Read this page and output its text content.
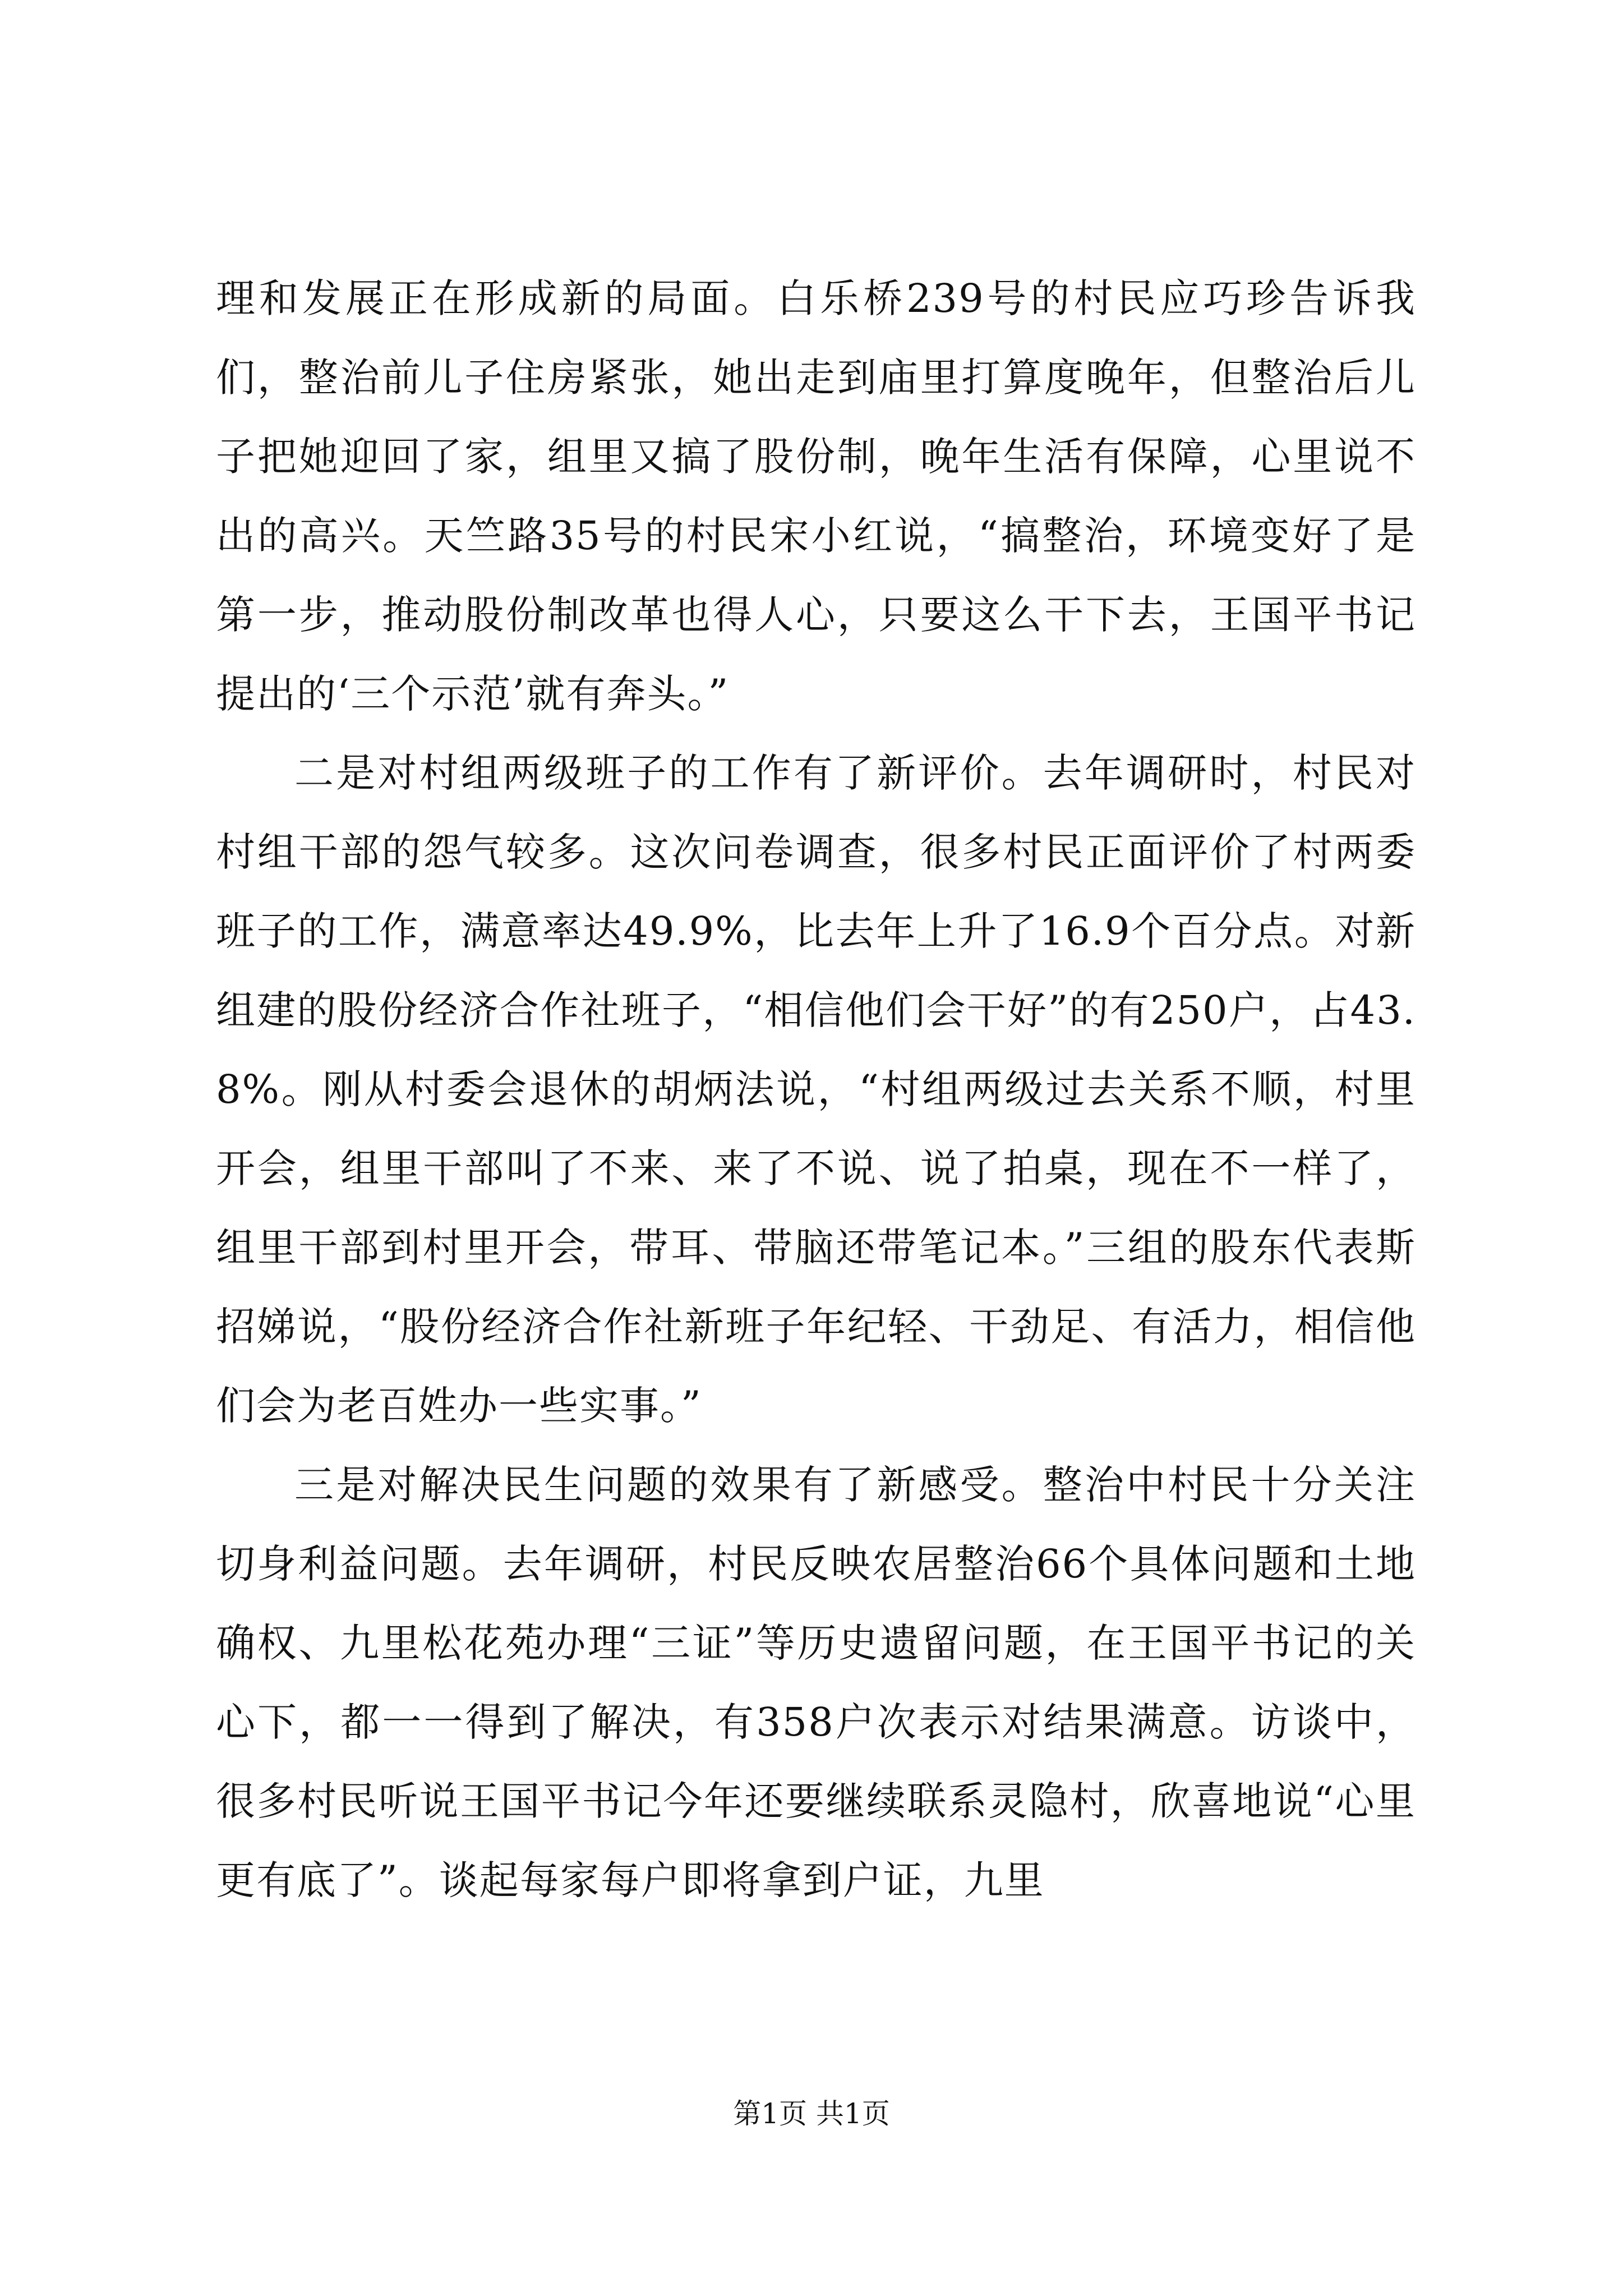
理和发展正在形成新的局面。白乐桥239号的村民应巧珍告诉我们，整治前儿子住房紧张，她出走到庙里打算度晚年，但整治后儿子把她迎回了家，组里又搞了股份制，晚年生活有保障，心里说不出的高兴。天竺路35号的村民宋小红说，“搞整治，环境变好了是第一步，推动股份制改革也得人心，只要这么干下去，王国平书记提出的‘三个示范’就有奔头。”

二是对村组两级班子的工作有了新评价。去年调研时，村民对村组干部的怨气较多。这次问卷调查，很多村民正面评价了村两委班子的工作，满意率达49.9%，比去年上升了16.9个百分点。对新组建的股份经济合作社班子，“相信他们会干好”的有250户，占43.8%。刚从村委会退休的胡炳法说，“村组两级过去关系不顺，村里开会，组里干部叫了不来、来了不说、说了拍桌，现在不一样了，组里干部到村里开会，带耳、带脑还带笔记本。”三组的股东代表斯招娣说，“股份经济合作社新班子年纪轻、干劲足、有活力，相信他们会为老百姓办一些实事。”

三是对解决民生问题的效果有了新感受。整治中村民十分关注切身利益问题。去年调研，村民反映农居整治66个具体问题和土地确权、九里松花苑办理“三证”等历史遗留问题，在王国平书记的关心下，都一一得到了解决，有358户次表示对结果满意。访谈中，很多村民听说王国平书记今年还要继续联系灵隐村，欣喜地说“心里更有底了”。谈起每家每户即将拿到户证，九里

第1页 共1页
